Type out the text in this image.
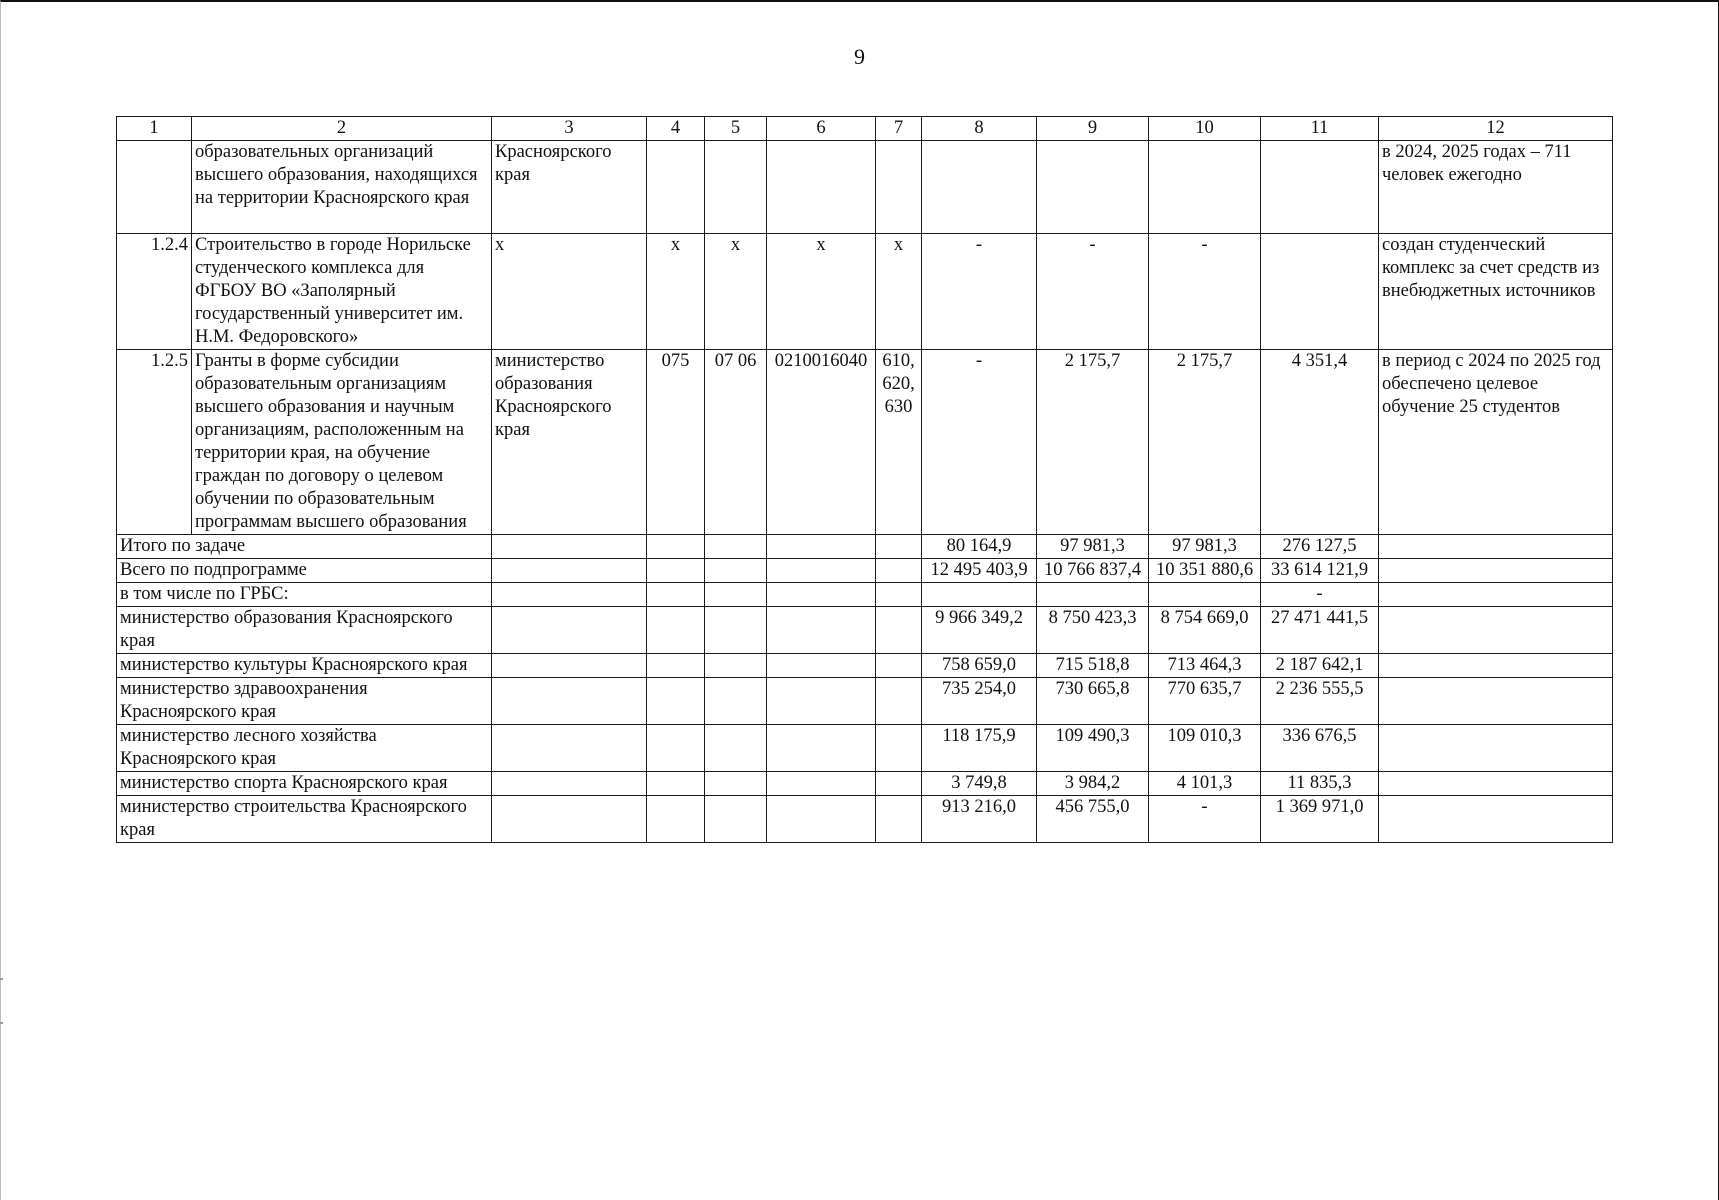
9
1	2	3	4	5	6	7	8	9	10	11	12
	образовательных организаций высшего образования, находящихся на территории Красноярского края	Красноярского края									в 2024, 2025 годах – 711 человек ежегодно
1.2.4	Строительство в городе Норильске студенческого комплекса для ФГБОУ ВО «Заполярный государственный университет им. Н.М. Федоровского»	x	x	x	x	x	-	-	-		создан студенческий комплекс за счет средств из внебюджетных источников
1.2.5	Гранты в форме субсидии образовательным организациям высшего образования и научным организациям, расположенным на территории края, на обучение граждан по договору о целевом обучении по образовательным программам высшего образования	министерство образования Красноярского края	075	07 06	0210016040	610, 620, 630	-	2 175,7	2 175,7	4 351,4	в период с 2024 по 2025 год обеспечено целевое обучение 25 студентов
Итого по задаче							80 164,9	97 981,3	97 981,3	276 127,5	
Всего по подпрограмме							12 495 403,9	10 766 837,4	10 351 880,6	33 614 121,9	
в том числе по ГРБС:										-	
министерство образования Красноярского края							9 966 349,2	8 750 423,3	8 754 669,0	27 471 441,5	
министерство культуры Красноярского края							758 659,0	715 518,8	713 464,3	2 187 642,1	
министерство здравоохранения Красноярского края							735 254,0	730 665,8	770 635,7	2 236 555,5	
министерство лесного хозяйства Красноярского края							118 175,9	109 490,3	109 010,3	336 676,5	
министерство спорта Красноярского края							3 749,8	3 984,2	4 101,3	11 835,3	
министерство строительства Красноярского края							913 216,0	456 755,0	-	1 369 971,0	
